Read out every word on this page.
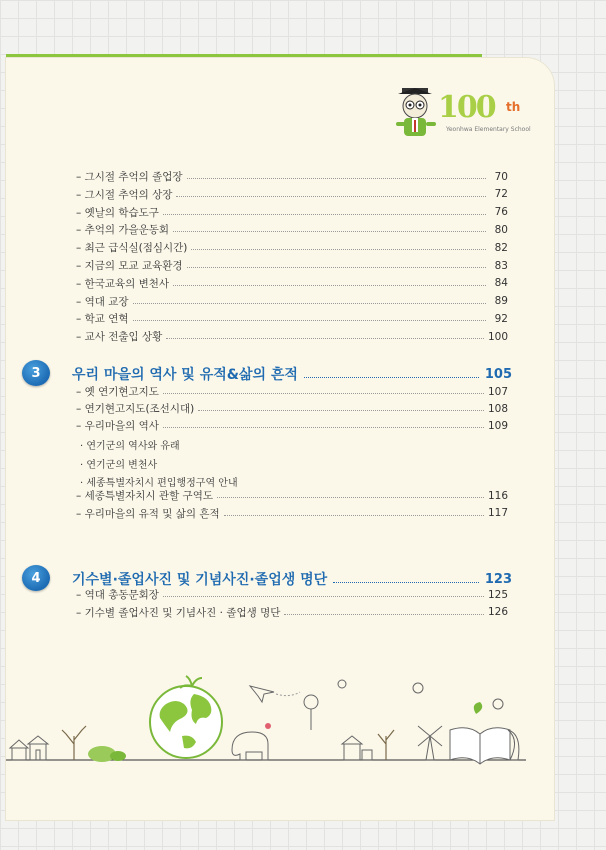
100 th
Yeonhwa Elementary School
– 그시절 추억의 졸업장	70
– 그시절 추억의 상장	72
– 옛날의 학습도구	76
– 추억의 가을운동회	80
– 최근 급식실(점심시간)	82
– 지금의 모교 교육환경	83
– 한국교육의 변천사	84
– 역대 교장	89
– 학교 연혁	92
– 교사 전출입 상황	100
3	우리 마을의 역사 및 유적&삶의 흔적	105
– 옛 연기현고지도	107
– 연기현고지도(조선시대)	108
– 우리마을의 역사	109
· 연기군의 역사와 유래
· 연기군의 변천사
· 세종특별자치시 편입행정구역 안내
– 세종특별자치시 관할 구역도	116
– 우리마을의 유적 및 삶의 흔적	117
4	기수별·졸업사진 및 기념사진·졸업생 명단	123
– 역대 총동문회장	125
– 기수별 졸업사진 및 기념사진 · 졸업생 명단	126
